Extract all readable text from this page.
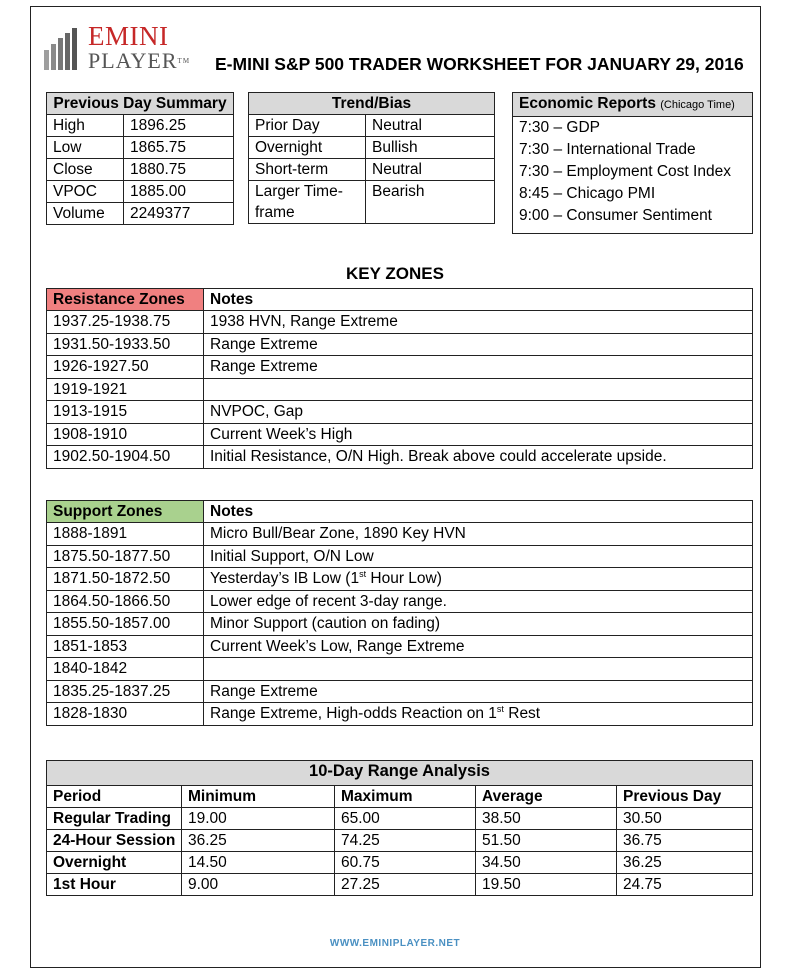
EMINI
PLAYER™ E-MINI S&P 500 TRADER WORKSHEET FOR JANUARY 29, 2016
Previous Day Summary	
High	1896.25
Low	1865.75
Close	1880.75
VPOC	1885.00
Volume	2249377
Trend/Bias	
Prior Day	Neutral
Overnight	Bullish
Short-term	Neutral
Larger Time-frame	Bearish
Economic Reports (Chicago Time)
7:30 – GDP
7:30 – International Trade
7:30 – Employment Cost Index
8:45 – Chicago PMI
9:00 – Consumer Sentiment
KEY ZONES
Resistance Zones	Notes
1937.25-1938.75	1938 HVN, Range Extreme
1931.50-1933.50	Range Extreme
1926-1927.50	Range Extreme
1919-1921	
1913-1915	NVPOC, Gap
1908-1910	Current Week’s High
1902.50-1904.50	Initial Resistance, O/N High. Break above could accelerate upside.
Support Zones	Notes
1888-1891	Micro Bull/Bear Zone, 1890 Key HVN
1875.50-1877.50	Initial Support, O/N Low
1871.50-1872.50	Yesterday’s IB Low (1st Hour Low)
1864.50-1866.50	Lower edge of recent 3-day range.
1855.50-1857.00	Minor Support (caution on fading)
1851-1853	Current Week’s Low, Range Extreme
1840-1842	
1835.25-1837.25	Range Extreme
1828-1830	Range Extreme, High-odds Reaction on 1st Rest
10-Day Range Analysis				
Period	Minimum	Maximum	Average	Previous Day
Regular Trading	19.00	65.00	38.50	30.50
24-Hour Session	36.25	74.25	51.50	36.75
Overnight	14.50	60.75	34.50	36.25
1st Hour	9.00	27.25	19.50	24.75
WWW.EMINIPLAYER.NET
